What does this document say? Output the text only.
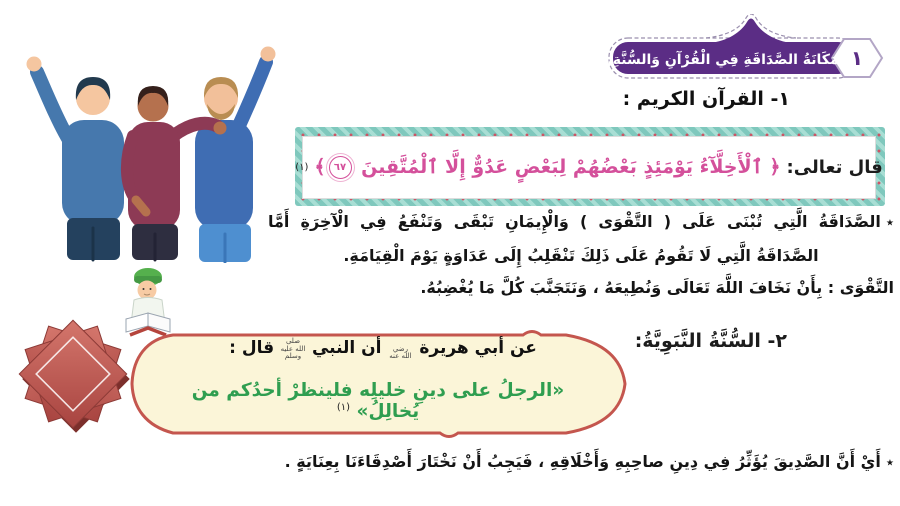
١
مَكَانَةُ الصَّدَاقَةِ فِي الْقُرْآنِ وَالسُّنَّةِ.
١- القرآن الكريم :
قال تعالى:
﴿ ٱلْأَخِلَّآءُ يَوْمَئِذٍ بَعْضُهُمْ لِبَعْضٍ عَدُوٌّ إِلَّا ٱلْمُتَّقِينَ ٦٧﴾
(١)
٭الصَّدَاقَةُ الَّتِي تُبْنَى عَلَى ( التَّقْوَى ) وَالْإِيمَانِ تَبْقَى وَتَنْفَعُ فِي الْآخِرَةِ أَمَّا الصَّدَاقَةُ الَّتِي لَا تَقُومُ عَلَى ذَلِكَ تَنْقَلِبُ إِلَى عَدَاوَةٍ يَوْمَ الْقِيَامَةِ.
التَّقْوَى : بِأَنْ نَخَافَ اللَّهَ تَعَالَى وَنُطِيعَهُ ، وَنَتَجَنَّبَ كُلَّ مَا يُغْضِبُهُ.
عن أبي هريرة رضي الله عنه أن النبي صلى الله عليه وسلم قال :
«الرجلُ على دينِ خليلِه فلينظرْ أحدُكم من يُخالِلُ» $^{(١)}$
٢- السُّنَّةُ النَّبَوِيَّةُ:
٭أَيْ أَنَّ الصَّدِيقَ يُؤَثِّرُ فِي دِينِ صاحِبِهِ وَأَخْلَاقِهِ ، فَيَجِبُ أَنْ نَخْتَارَ أَصْدِقَاءَنَا بِعِنَايَةٍ .
